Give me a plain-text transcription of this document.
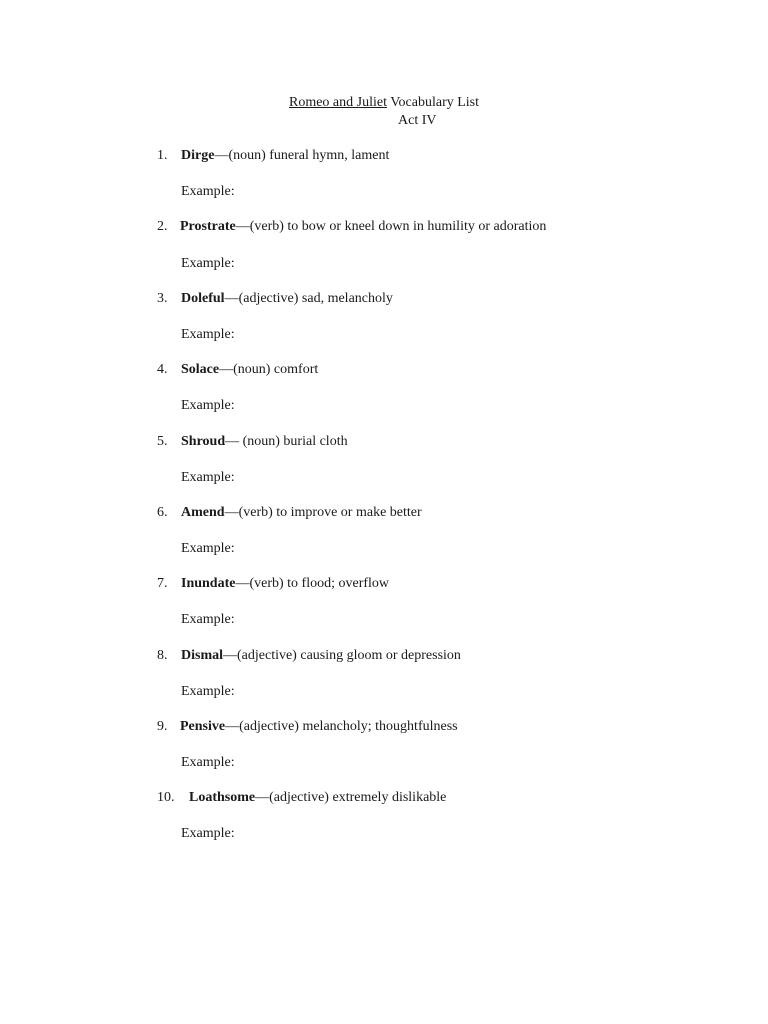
Romeo and Juliet Vocabulary List
Act IV
1. Dirge—(noun) funeral hymn, lament
Example:
2. Prostrate—(verb) to bow or kneel down in humility or adoration
Example:
3. Doleful—(adjective) sad, melancholy
Example:
4. Solace—(noun) comfort
Example:
5. Shroud— (noun) burial cloth
Example:
6. Amend—(verb) to improve or make better
Example:
7. Inundate—(verb) to flood; overflow
Example:
8. Dismal—(adjective) causing gloom or depression
Example:
9. Pensive—(adjective) melancholy; thoughtfulness
Example:
10. Loathsome—(adjective) extremely dislikable
Example:
